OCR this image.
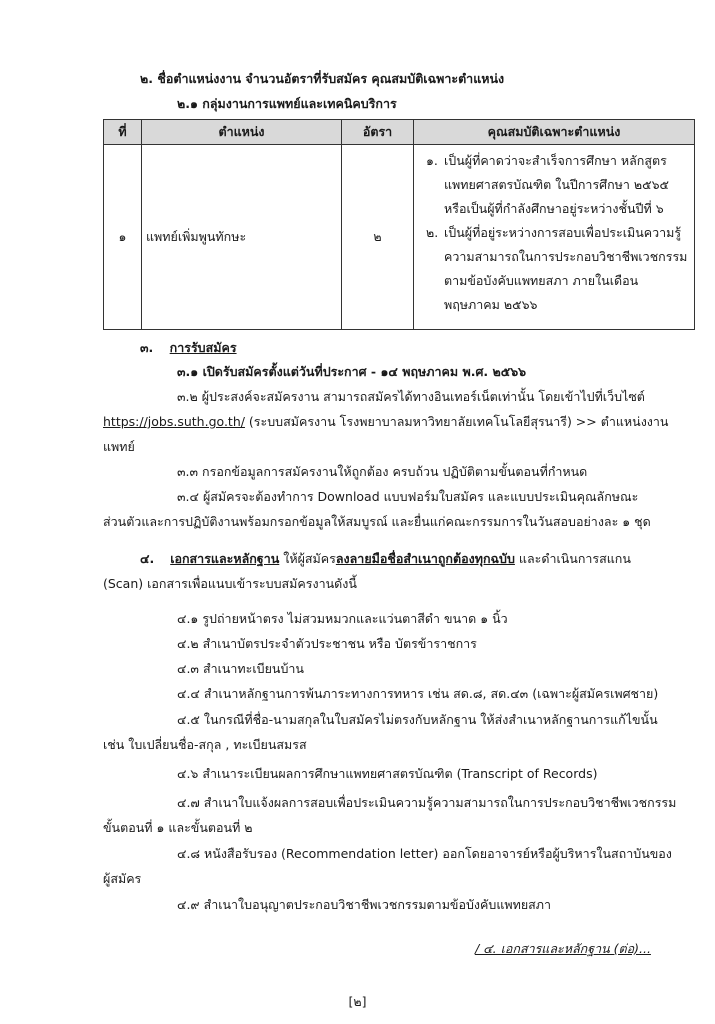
๒. ชื่อตำแหน่งงาน จำนวนอัตราที่รับสมัคร คุณสมบัติเฉพาะตำแหน่ง
๒.๑ กลุ่มงานการแพทย์และเทคนิคบริการ
ที่	ตำแหน่ง	อัตรา	คุณสมบัติเฉพาะตำแหน่ง
๑	แพทย์เพิ่มพูนทักษะ	๒	๑. เป็นผู้ที่คาดว่าจะสำเร็จการศึกษา หลักสูตร แพทยศาสตรบัณฑิต ในปีการศึกษา ๒๕๖๕ หรือเป็นผู้ที่กำลังศึกษาอยู่ระหว่างชั้นปีที่ ๖
๒. เป็นผู้ที่อยู่ระหว่างการสอบเพื่อประเมินความรู้ความสามารถในการประกอบวิชาชีพเวชกรรมตามข้อบังคับแพทยสภา ภายในเดือนพฤษภาคม ๒๕๖๖
๓. การรับสมัคร
๓.๑ เปิดรับสมัครตั้งแต่วันที่ประกาศ - ๑๔ พฤษภาคม พ.ศ. ๒๕๖๖
๓.๒ ผู้ประสงค์จะสมัครงาน สามารถสมัครได้ทางอินเทอร์เน็ตเท่านั้น โดยเข้าไปที่เว็บไซต์
https://jobs.suth.go.th/ (ระบบสมัครงาน โรงพยาบาลมหาวิทยาลัยเทคโนโลยีสุรนารี) >> ตำแหน่งงาน
แพทย์
๓.๓ กรอกข้อมูลการสมัครงานให้ถูกต้อง ครบถ้วน ปฏิบัติตามขั้นตอนที่กำหนด
๓.๔ ผู้สมัครจะต้องทำการ Download แบบฟอร์มใบสมัคร และแบบประเมินคุณลักษณะ
ส่วนตัวและการปฏิบัติงานพร้อมกรอกข้อมูลให้สมบูรณ์ และยื่นแก่คณะกรรมการในวันสอบอย่างละ ๑ ชุด
๔. เอกสารและหลักฐาน ให้ผู้สมัครลงลายมือชื่อสำเนาถูกต้องทุกฉบับ และดำเนินการสแกน
(Scan) เอกสารเพื่อแนบเข้าระบบสมัครงานดังนี้
๔.๑ รูปถ่ายหน้าตรง ไม่สวมหมวกและแว่นตาสีดำ ขนาด ๑ นิ้ว
๔.๒ สำเนาบัตรประจำตัวประชาชน หรือ บัตรข้าราชการ
๔.๓ สำเนาทะเบียนบ้าน
๔.๔ สำเนาหลักฐานการพ้นภาระทางการทหาร เช่น สด.๘, สด.๔๓ (เฉพาะผู้สมัครเพศชาย)
๔.๕ ในกรณีที่ชื่อ-นามสกุลในใบสมัครไม่ตรงกับหลักฐาน ให้ส่งสำเนาหลักฐานการแก้ไขนั้น
เช่น ใบเปลี่ยนชื่อ-สกุล , ทะเบียนสมรส
๔.๖ สำเนาระเบียนผลการศึกษาแพทยศาสตรบัณฑิต (Transcript of Records)
๔.๗ สำเนาใบแจ้งผลการสอบเพื่อประเมินความรู้ความสามารถในการประกอบวิชาชีพเวชกรรม
ขั้นตอนที่ ๑ และขั้นตอนที่ ๒
๔.๘ หนังสือรับรอง (Recommendation letter) ออกโดยอาจารย์หรือผู้บริหารในสถาบันของ
ผู้สมัคร
๔.๙ สำเนาใบอนุญาตประกอบวิชาชีพเวชกรรมตามข้อบังคับแพทยสภา
/ ๔. เอกสารและหลักฐาน (ต่อ)...
[๒]
